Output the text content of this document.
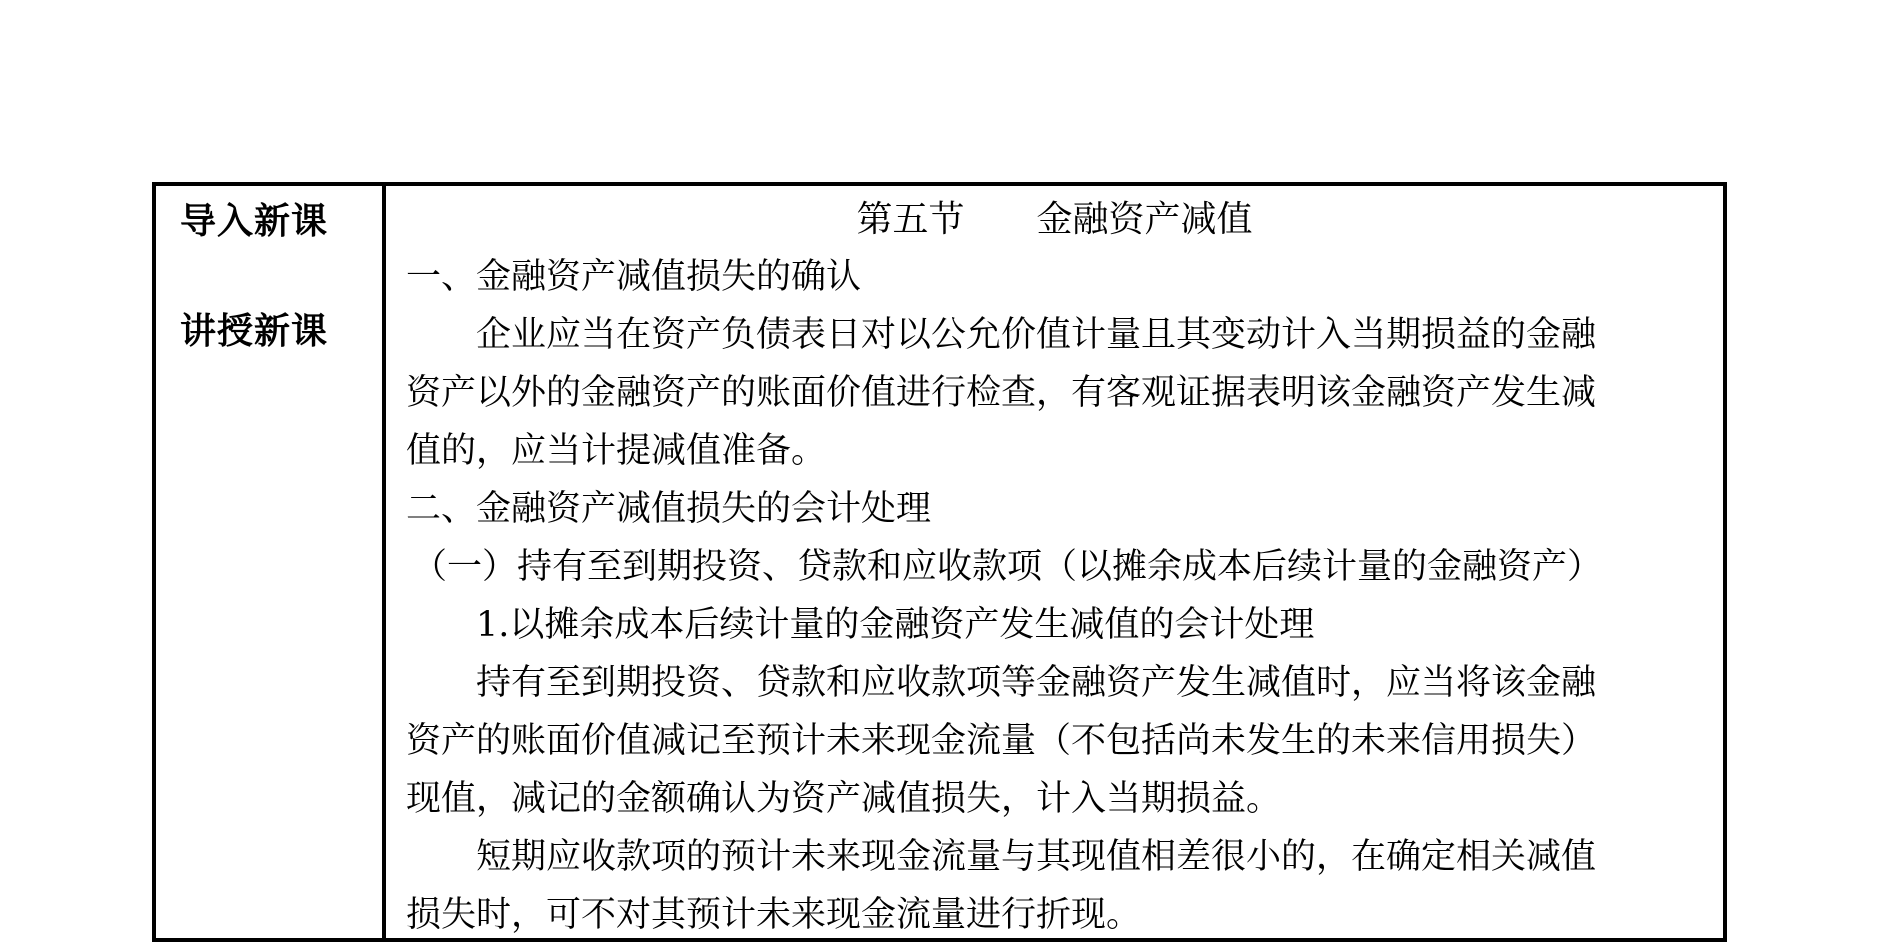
导入新课
讲授新课
第五节　　金融资产减值
一、金融资产减值损失的确认
企业应当在资产负债表日对以公允价值计量且其变动计入当期损益的金融
资产以外的金融资产的账面价值进行检查，有客观证据表明该金融资产发生减
值的，应当计提减值准备。
二、金融资产减值损失的会计处理
（一）持有至到期投资、贷款和应收款项（以摊余成本后续计量的金融资产）
1.以摊余成本后续计量的金融资产发生减值的会计处理
持有至到期投资、贷款和应收款项等金融资产发生减值时，应当将该金融
资产的账面价值减记至预计未来现金流量（不包括尚未发生的未来信用损失）
现值，减记的金额确认为资产减值损失，计入当期损益。
短期应收款项的预计未来现金流量与其现值相差很小的，在确定相关减值
损失时，可不对其预计未来现金流量进行折现。
